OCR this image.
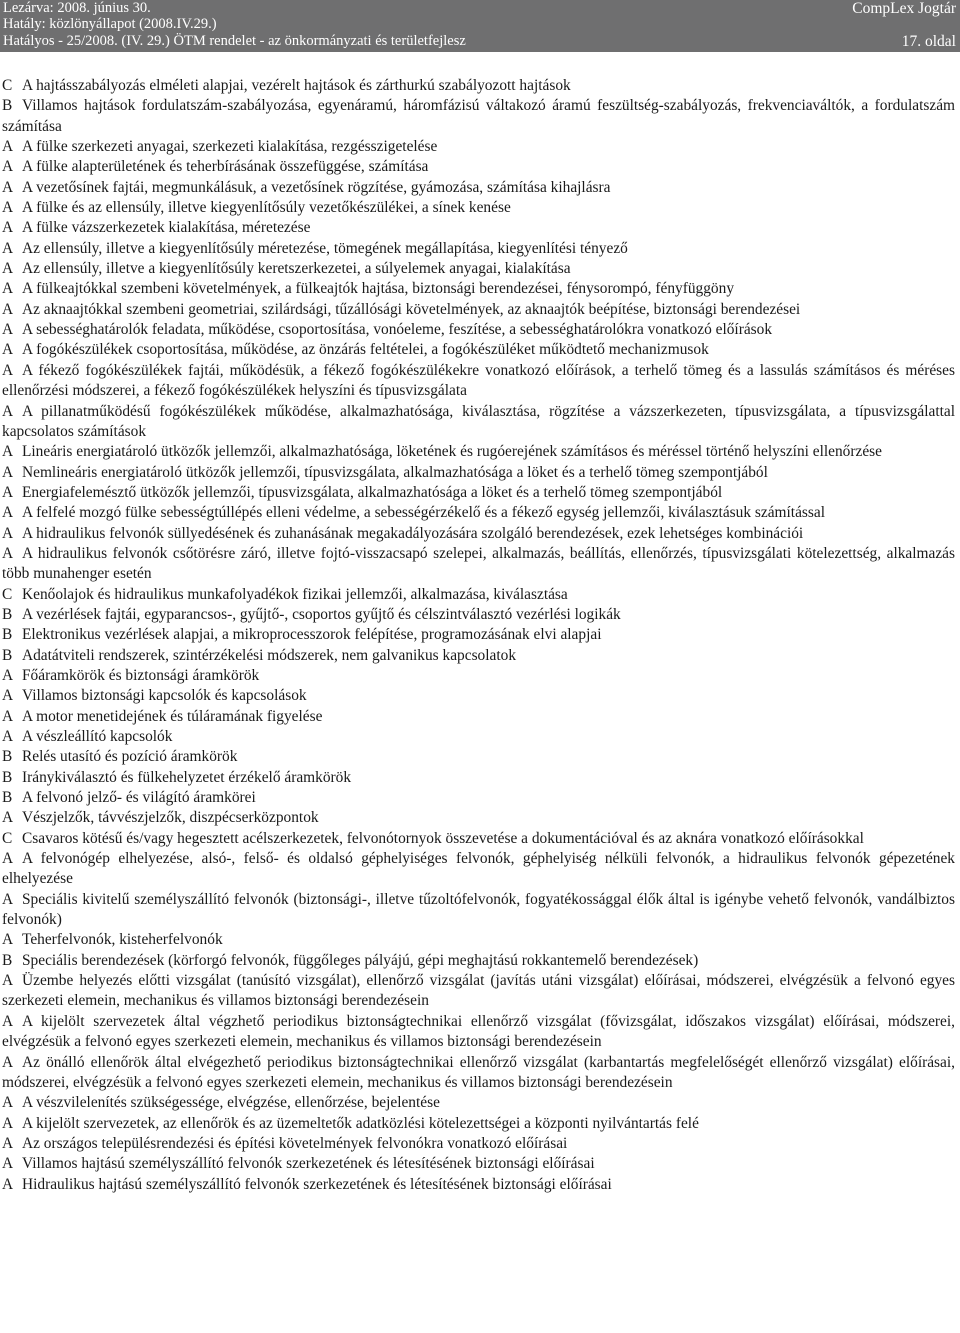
Lezárva: 2008. június 30.
Hatály: közlönyállapot (2008.IV.29.)
Hatályos - 25/2008. (IV. 29.) ÖTM rendelet - az önkormányzati és területfejlesz
CompLex Jogtár
17. oldal

C A hajtásszabályozás elméleti alapjai, vezérelt hajtások és zárthurkú szabályozott hajtások

B Villamos hajtások fordulatszám-szabályozása, egyenáramú, háromfázisú váltakozó áramú feszültség-szabályozás, frekvenciaváltók, a fordulatszám számítása

A A fülke szerkezeti anyagai, szerkezeti kialakítása, rezgésszigetelése

A A fülke alapterületének és teherbírásának összefüggése, számítása

A A vezetősínek fajtái, megmunkálásuk, a vezetősínek rögzítése, gyámozása, számítása kihajlásra

A A fülke és az ellensúly, illetve kiegyenlítősúly vezetőkészülékei, a sínek kenése

A A fülke vázszerkezetek kialakítása, méretezése

A Az ellensúly, illetve a kiegyenlítősúly méretezése, tömegének megállapítása, kiegyenlítési tényező

A Az ellensúly, illetve a kiegyenlítősúly keretszerkezetei, a súlyelemek anyagai, kialakítása

A A fülkeajtókkal szembeni követelmények, a fülkeajtók hajtása, biztonsági berendezései, fénysorompó, fényfüggöny

A Az aknaajtókkal szembeni geometriai, szilárdsági, tűzállósági követelmények, az aknaajtók beépítése, biztonsági berendezései

A A sebességhatárolók feladata, működése, csoportosítása, vonóeleme, feszítése, a sebességhatárolókra vonatkozó előírások

A A fogókészülékek csoportosítása, működése, az önzárás feltételei, a fogókészüléket működtető mechanizmusok

A A fékező fogókészülékek fajtái, működésük, a fékező fogókészülékekre vonatkozó előírások, a terhelő tömeg és a lassulás számításos és méréses ellenőrzési módszerei, a fékező fogókészülékek helyszíni és típusvizsgálata

A A pillanatműködésű fogókészülékek működése, alkalmazhatósága, kiválasztása, rögzítése a vázszerkezeten, típusvizsgálata, a típusvizsgálattal kapcsolatos számítások

A Lineáris energiatároló ütközők jellemzői, alkalmazhatósága, löketének és rugóerejének számításos és méréssel történő helyszíni ellenőrzése

A Nemlineáris energiatároló ütközők jellemzői, típusvizsgálata, alkalmazhatósága a löket és a terhelő tömeg szempontjából

A Energiafelemésztő ütközők jellemzői, típusvizsgálata, alkalmazhatósága a löket és a terhelő tömeg szempontjából

A A felfelé mozgó fülke sebességtúllépés elleni védelme, a sebességérzékelő és a fékező egység jellemzői, kiválasztásuk számítással

A A hidraulikus felvonók süllyedésének és zuhanásának megakadályozására szolgáló berendezések, ezek lehetséges kombinációi

A A hidraulikus felvonók csőtörésre záró, illetve fojtó-visszacsapó szelepei, alkalmazás, beállítás, ellenőrzés, típusvizsgálati kötelezettség, alkalmazás több munahenger esetén

C Kenőolajok és hidraulikus munkafolyadékok fizikai jellemzői, alkalmazása, kiválasztása

B A vezérlések fajtái, egyparancsos-, gyűjtő-, csoportos gyűjtő és célszintválasztó vezérlési logikák

B Elektronikus vezérlések alapjai, a mikroprocesszorok felépítése, programozásának elvi alapjai

B Adatátviteli rendszerek, szintérzékelési módszerek, nem galvanikus kapcsolatok

A Főáramkörök és biztonsági áramkörök

A Villamos biztonsági kapcsolók és kapcsolások

A A motor menetidejének és túláramának figyelése

A A vészleállító kapcsolók

B Relés utasító és pozíció áramkörök

B Iránykiválasztó és fülkehelyzetet érzékelő áramkörök

B A felvonó jelző- és világító áramkörei

A Vészjelzők, távvészjelzők, diszpécserközpontok

C Csavaros kötésű és/vagy hegesztett acélszerkezetek, felvonótornyok összevetése a dokumentációval és az aknára vonatkozó előírásokkal

A A felvonógép elhelyezése, alsó-, felső- és oldalsó géphelyiséges felvonók, géphelyiség nélküli felvonók, a hidraulikus felvonók gépezetének elhelyezése

A Speciális kivitelű személyszállító felvonók (biztonsági-, illetve tűzoltófelvonók, fogyatékossággal élők által is igénybe vehető felvonók, vandálbiztos felvonók)

A Teherfelvonók, kisteherfelvonók

B Speciális berendezések (körforgó felvonók, függőleges pályájú, gépi meghajtású rokkantemelő berendezések)

A Üzembe helyezés előtti vizsgálat (tanúsító vizsgálat), ellenőrző vizsgálat (javítás utáni vizsgálat) előírásai, módszerei, elvégzésük a felvonó egyes szerkezeti elemein, mechanikus és villamos biztonsági berendezésein

A A kijelölt szervezetek által végzhető periodikus biztonságtechnikai ellenőrző vizsgálat (fővizsgálat, időszakos vizsgálat) előírásai, módszerei, elvégzésük a felvonó egyes szerkezeti elemein, mechanikus és villamos biztonsági berendezésein

A Az önálló ellenőrök által elvégezhető periodikus biztonságtechnikai ellenőrző vizsgálat (karbantartás megfelelőségét ellenőrző vizsgálat) előírásai, módszerei, elvégzésük a felvonó egyes szerkezeti elemein, mechanikus és villamos biztonsági berendezésein

A A vészvilelenítés szükségessége, elvégzése, ellenőrzése, bejelentése

A A kijelölt szervezetek, az ellenőrök és az üzemeltetők adatközlési kötelezettségei a központi nyilvántartás felé

A Az országos településrendezési és építési követelmények felvonókra vonatkozó előírásai

A Villamos hajtású személyszállító felvonók szerkezetének és létesítésének biztonsági előírásai

A Hidraulikus hajtású személyszállító felvonók szerkezetének és létesítésének biztonsági előírásai
